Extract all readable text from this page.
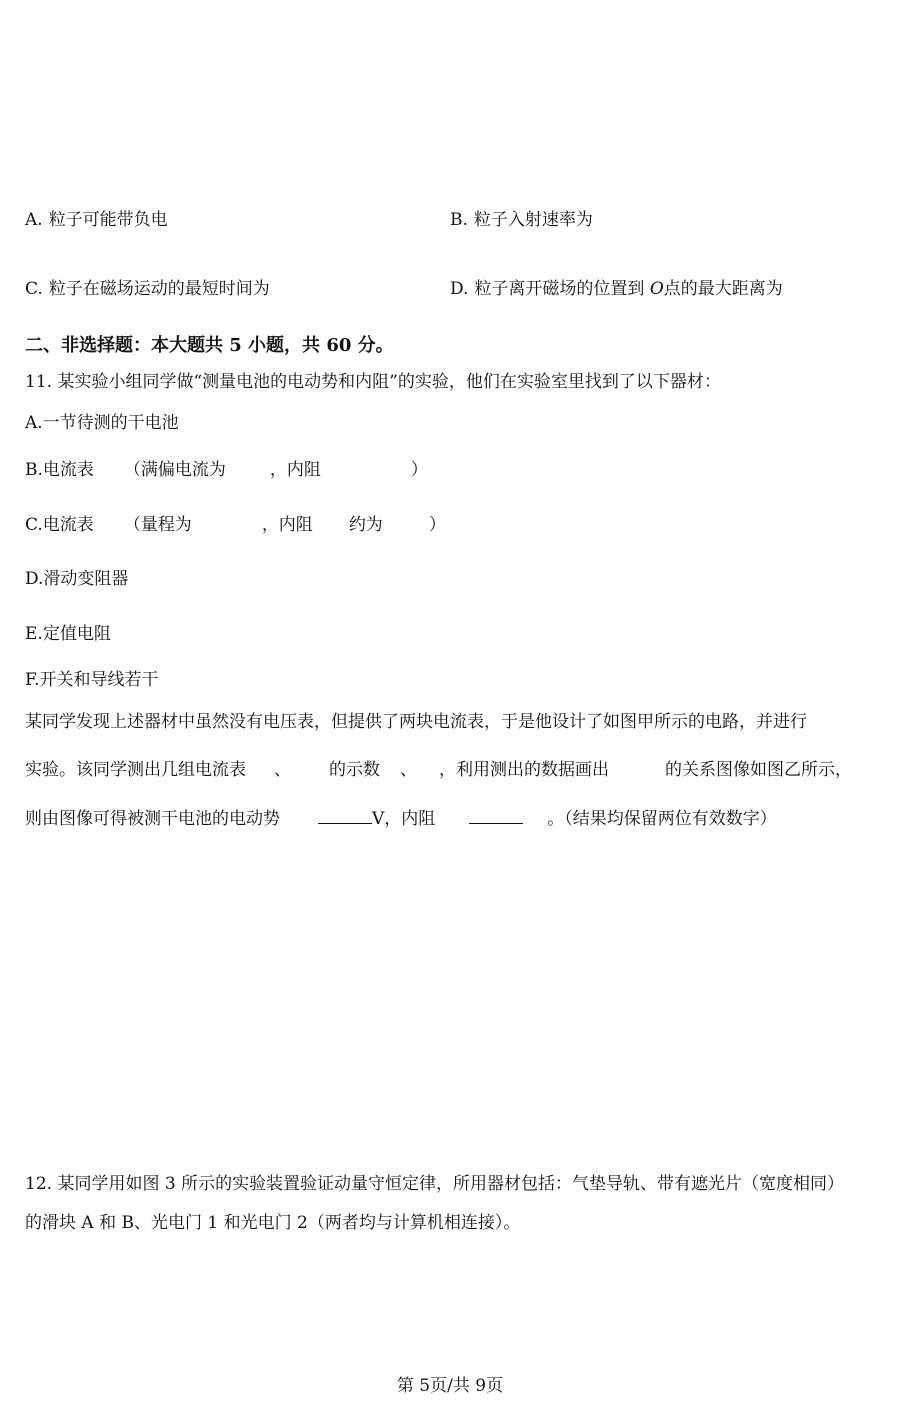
A. 粒子可能带负电	B. 粒子入射速率为
C. 粒子在磁场运动的最短时间为	D. 粒子离开磁场的位置到 O点的最大距离为
二、非选择题：本大题共 5 小题，共 60 分。
11. 某实验小组同学做“测量电池的电动势和内阻”的实验，他们在实验室里找到了以下器材：
A.一节待测的干电池
B.电流表 （满偏电流为	，内阻	）
C.电流表 （量程为	，内阻 约为	）
D.滑动变阻器
E.定值电阻
F.开关和导线若干
某同学发现上述器材中虽然没有电压表，但提供了两块电流表，于是他设计了如图甲所示的电路，并进行
实验。该同学测出几组电流表 、 的示数 、 ，利用测出的数据画出	的关系图像如图乙所示，
则由图像可得被测干电池的电动势	V，内阻	。（结果均保留两位有效数字）
12. 某同学用如图 3 所示的实验装置验证动量守恒定律，所用器材包括：气垫导轨、带有遮光片（宽度相同）
的滑块 A 和 B、光电门 1 和光电门 2（两者均与计算机相连接）。
第 5页/共 9页
